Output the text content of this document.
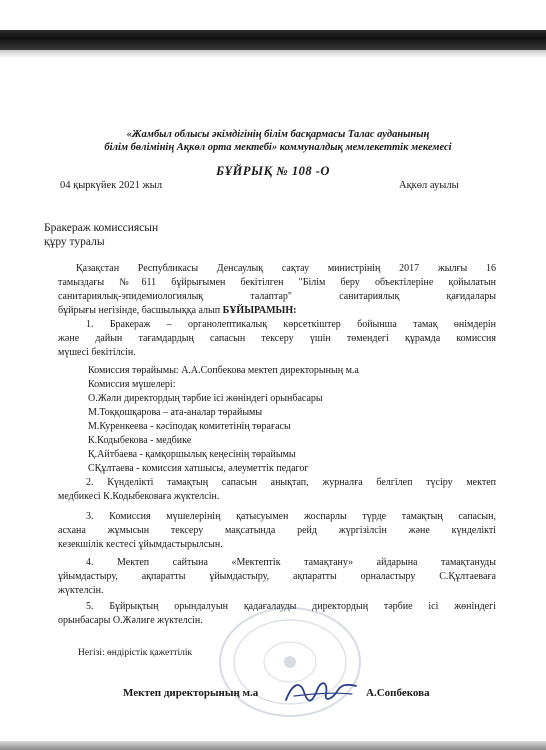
«Жамбыл облысы әкімдігінің білім басқармасы Талас ауданының

білім бөлімінің Ақкөл орта мектебі» коммуналдық мемлекеттік мекемесі

БҰЙРЫҚ № 108 -О

04 қыркүйек 2021 жыл	Ақкөл ауылы

Бракераж комиссиясын

құру туралы

Қазақстан Республикасы Денсаулық сақтау министрінің 2017 жылғы 16

тамыздағы №611 бұйрығымен бекітілген "Білім беру объектілеріне қойылатын

санитариялық-эпидемиологиялық талаптар" санитариялық қағидалары

бұйрығы негізінде, басшылыққа алып БҰЙЫРАМЫН:

1. Бракераж – органолептикалық көрсеткіштер бойынша тамақ өнімдерін

және дайын тағамдардың сапасын тексеру үшін төмендегі құрамда комиссия

мүшесі бекітілсін.

Комиссия төрайымы: А.А.Сопбекова мектеп директорының м.а

Комиссия мүшелері:

О.Жәли директордың тәрбие ісі жөніндегі орынбасары

М.Тоққошқарова – ата-аналар төрайымы

М.Куренкеева - кәсіподақ комитетінің төрағасы

К.Кодыбекова - медбике

Қ.Айтбаева - қамқоршылық кеңесінің төрайымы

СҚұлтаева - комиссия хатшысы, әлеуметтік педагог

2. Күнделікті тамақтың сапасын анықтап, журналға белгілеп түсіру мектеп

медбикесі К.Кодыбековаға жүктелсін.

3. Комиссия мүшелерінің қатысуымен жоспарлы түрде тамақтың сапасын,

асхана жұмысын тексеру мақсатында рейд жүргізілсін және күнделікті

кезекшілік кестесі ұйымдастырылсын.

4. Мектеп сайтына «Мектептік тамақтану» айдарына тамақтануды

ұйымдастыру, ақпаратты ұйымдастыру, ақпаратты орналастыру С.Құлтаеваға

жүктелсін.

5. Бұйрықтың орындалуын қадағалауды директордың тәрбие ісі жөніндегі

орынбасары О.Жәлиге жүктелсін.

Негізі: өндірістік қажеттілік

Мектеп директорының м.а	А.Сопбекова
